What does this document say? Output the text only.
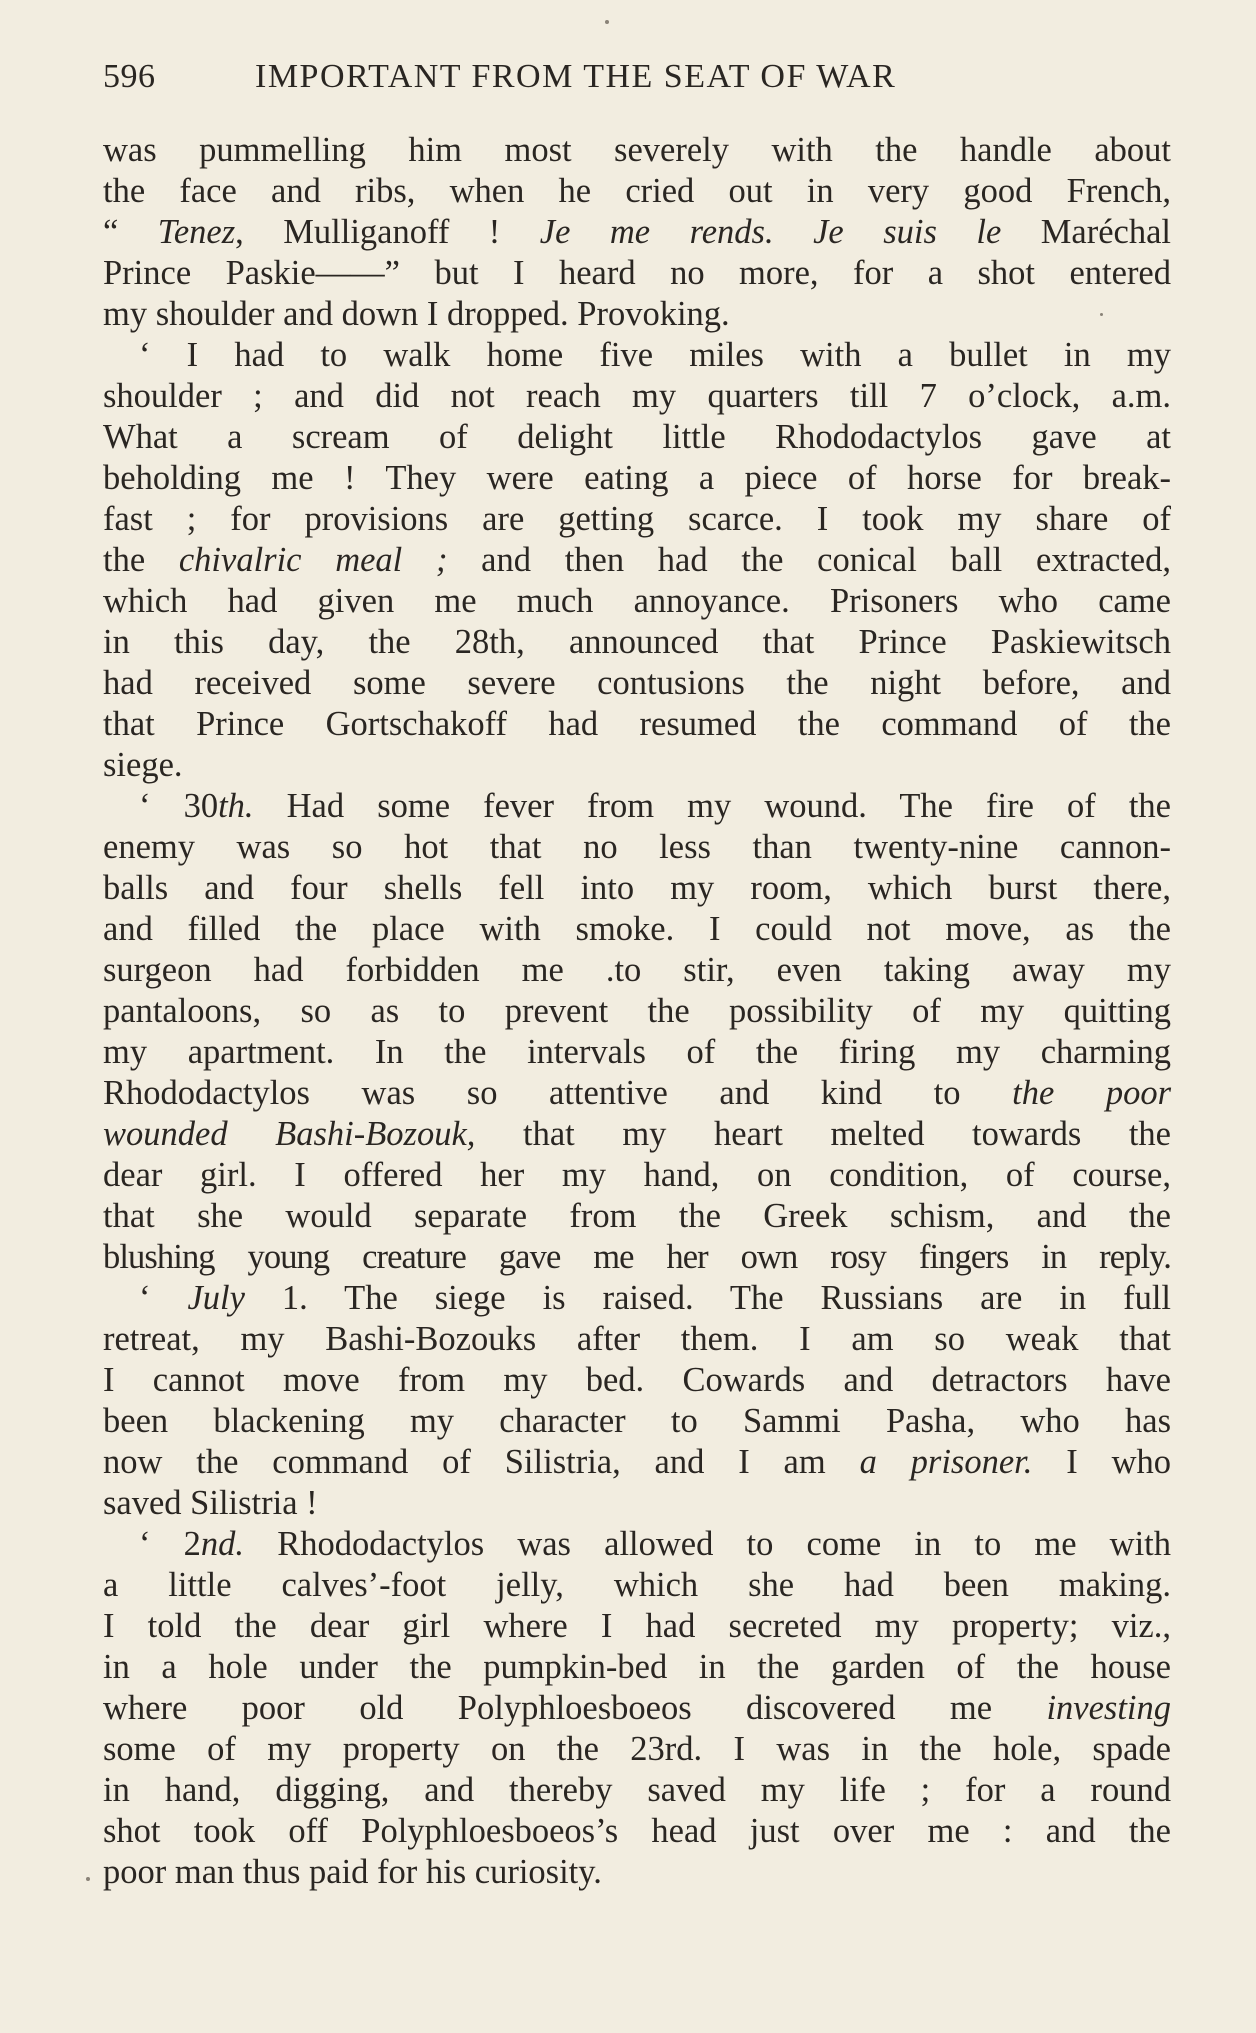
596	IMPORTANT FROM THE SEAT OF WAR
was pummelling him most severely with the handle about
the face and ribs, when he cried out in very good French,
“ Tenez, Mulliganoff ! Je me rends. Je suis le Maréchal
Prince Paskie——” but I heard no more, for a shot entered
my shoulder and down I dropped. Provoking.
‘ I had to walk home five miles with a bullet in my
shoulder ; and did not reach my quarters till 7 o’clock, a.m.
What a scream of delight little Rhododactylos gave at
beholding me ! They were eating a piece of horse for break-
fast ; for provisions are getting scarce. I took my share of
the chivalric meal ; and then had the conical ball extracted,
which had given me much annoyance. Prisoners who came
in this day, the 28th, announced that Prince Paskiewitsch
had received some severe contusions the night before, and
that Prince Gortschakoff had resumed the command of the
siege.
‘ 30th. Had some fever from my wound. The fire of the
enemy was so hot that no less than twenty-nine cannon-
balls and four shells fell into my room, which burst there,
and filled the place with smoke. I could not move, as the
surgeon had forbidden me .to stir, even taking away my
pantaloons, so as to prevent the possibility of my quitting
my apartment. In the intervals of the firing my charming
Rhododactylos was so attentive and kind to the poor
wounded Bashi-Bozouk, that my heart melted towards the
dear girl. I offered her my hand, on condition, of course,
that she would separate from the Greek schism, and the
blushing young creature gave me her own rosy fingers in reply.
‘ July 1. The siege is raised. The Russians are in full
retreat, my Bashi-Bozouks after them. I am so weak that
I cannot move from my bed. Cowards and detractors have
been blackening my character to Sammi Pasha, who has
now the command of Silistria, and I am a prisoner. I who
saved Silistria !
‘ 2nd. Rhododactylos was allowed to come in to me with
a little calves’-foot jelly, which she had been making.
I told the dear girl where I had secreted my property; viz.,
in a hole under the pumpkin-bed in the garden of the house
where poor old Polyphloesboeos discovered me investing
some of my property on the 23rd. I was in the hole, spade
in hand, digging, and thereby saved my life ; for a round
shot took off Polyphloesboeos’s head just over me : and the
poor man thus paid for his curiosity.
